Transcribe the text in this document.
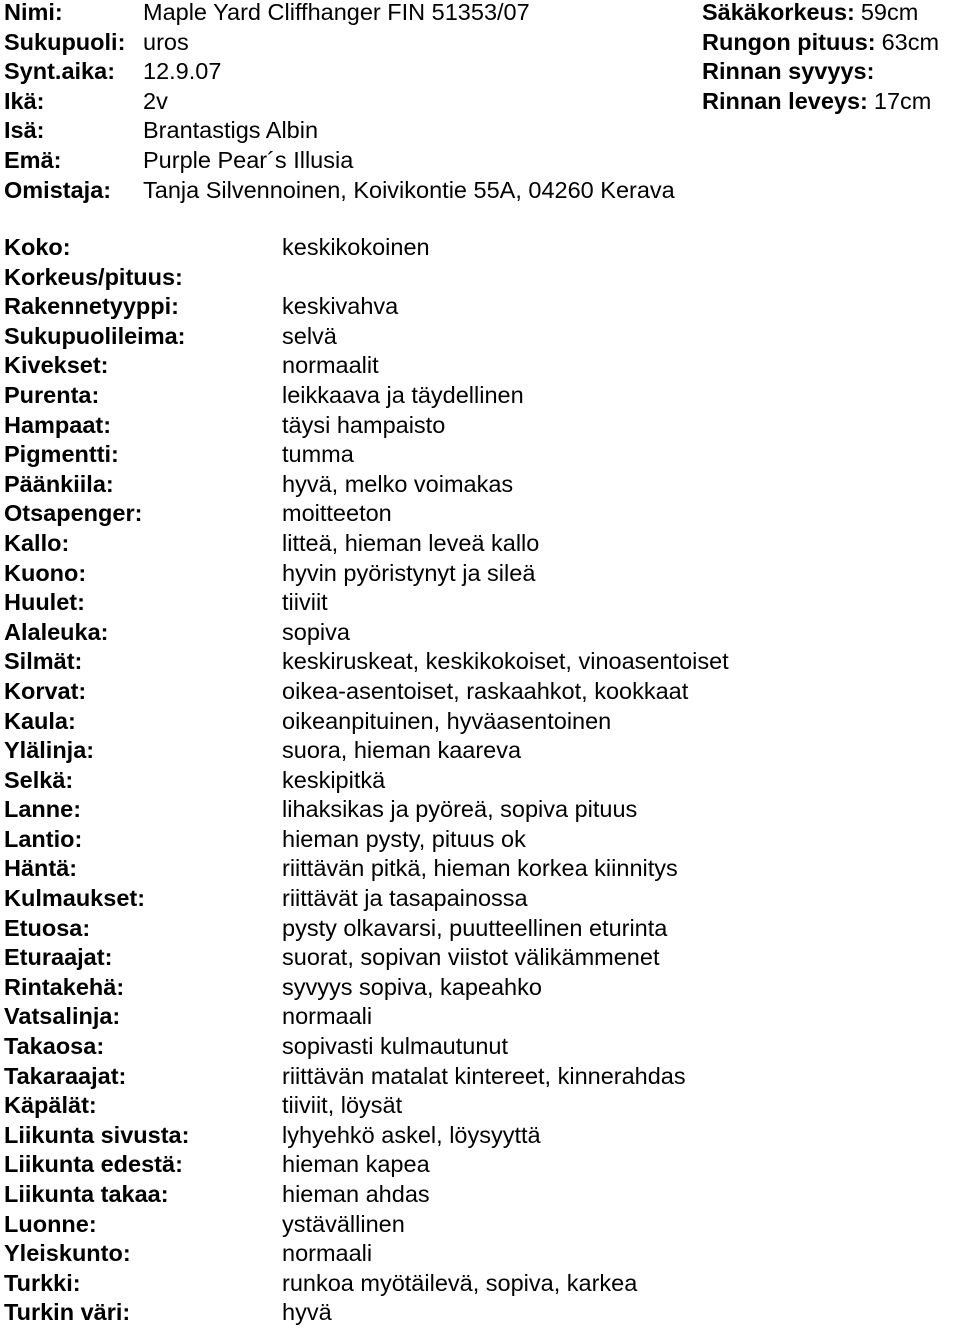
Nimi:	Maple Yard Cliffhanger FIN 51353/07	Säkäkorkeus: 59cm
Sukupuoli: uros	Rungon pituus: 63cm
Synt.aika: 12.9.07	Rinnan syvyys:
Ikä:	2v	Rinnan leveys: 17cm
Isä:	Brantastigs Albin
Emä:	Purple Pear´s Illusia
Omistaja: Tanja Silvennoinen, Koivikontie 55A, 04260 Kerava
Koko:	keskikokoinen
Korkeus/pituus:
Rakennetyyppi:	keskivahva
Sukupuolileima:	selvä
Kivekset:	normaalit
Purenta:	leikkaava ja täydellinen
Hampaat:	täysi hampaisto
Pigmentti:	tumma
Päänkiila:	hyvä, melko voimakas
Otsapenger:	moitteeton
Kallo:	litteä, hieman leveä kallo
Kuono:	hyvin pyöristynyt ja sileä
Huulet:	tiiviit
Alaleuka:	sopiva
Silmät:	keskiruskeat, keskikokoiset, vinoasentoiset
Korvat:	oikea-asentoiset, raskaahkot, kookkaat
Kaula:	oikeanpituinen, hyväasentoinen
Ylälinja:	suora, hieman kaareva
Selkä:	keskipitkä
Lanne:	lihaksikas ja pyöreä, sopiva pituus
Lantio:	hieman pysty, pituus ok
Häntä:	riittävän pitkä, hieman korkea kiinnitys
Kulmaukset:	riittävät ja tasapainossa
Etuosa:	pysty olkavarsi, puutteellinen eturinta
Eturaajat:	suorat, sopivan viistot välikämmenet
Rintakehä:	syvyys sopiva, kapeahko
Vatsalinja:	normaali
Takaosa:	sopivasti kulmautunut
Takaraajat:	riittävän matalat kintereet, kinnerahdas
Käpälät:	tiiviit, löysät
Liikunta sivusta:	lyhyehkö askel, löysyyttä
Liikunta edestä:	hieman kapea
Liikunta takaa:	hieman ahdas
Luonne:	ystävällinen
Yleiskunto:	normaali
Turkki:	runkoa myötäilevä, sopiva, karkea
Turkin väri:	hyvä
